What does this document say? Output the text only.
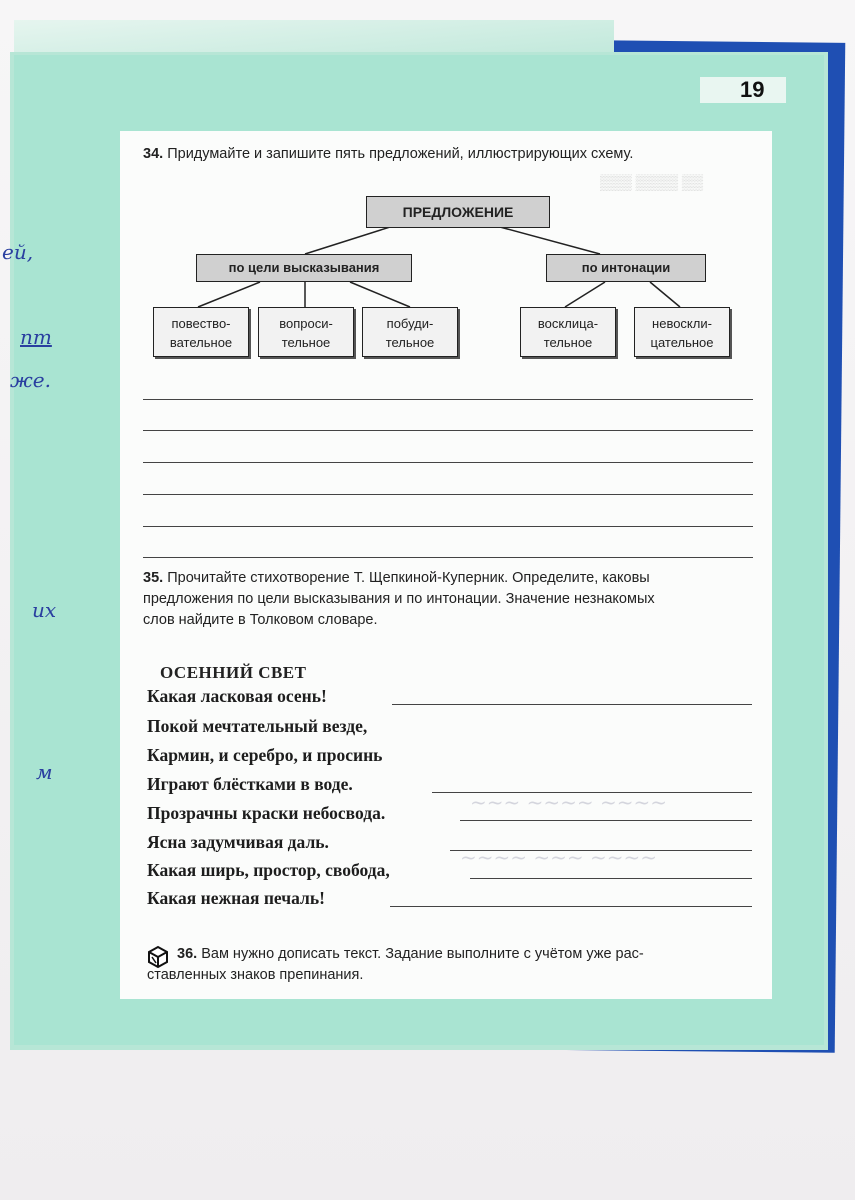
ей,
пт
же.
их
м
19
▒▒▒ ▒▒▒▒ ▒▒
~~~ ~~~~ ~~~~
~~~~ ~~~ ~~~~
34. Придумайте и запишите пять предложений, иллюстрирующих схему.
ПРЕДЛОЖЕНИЕ
по цели высказывания	по интонации
повество-
вательное
вопроси-
тельное
побуди-
тельное
восклица-
тельное
невоскли-
цательное
35. Прочитайте стихотворение Т. Щепкиной-Куперник. Определите, каковы
предложения по цели высказывания и по интонации. Значение незнакомых
слов найдите в Толковом словаре.
ОСЕННИЙ СВЕТ
Какая ласковая осень!
Покой мечтательный везде,
Кармин, и серебро, и просинь
Играют блёстками в воде.
Прозрачны краски небосвода.
Ясна задумчивая даль.
Какая ширь, простор, свобода,
Какая нежная печаль!
36. Вам нужно дописать текст. Задание выполните с учётом уже рас-
ставленных знаков препинания.
